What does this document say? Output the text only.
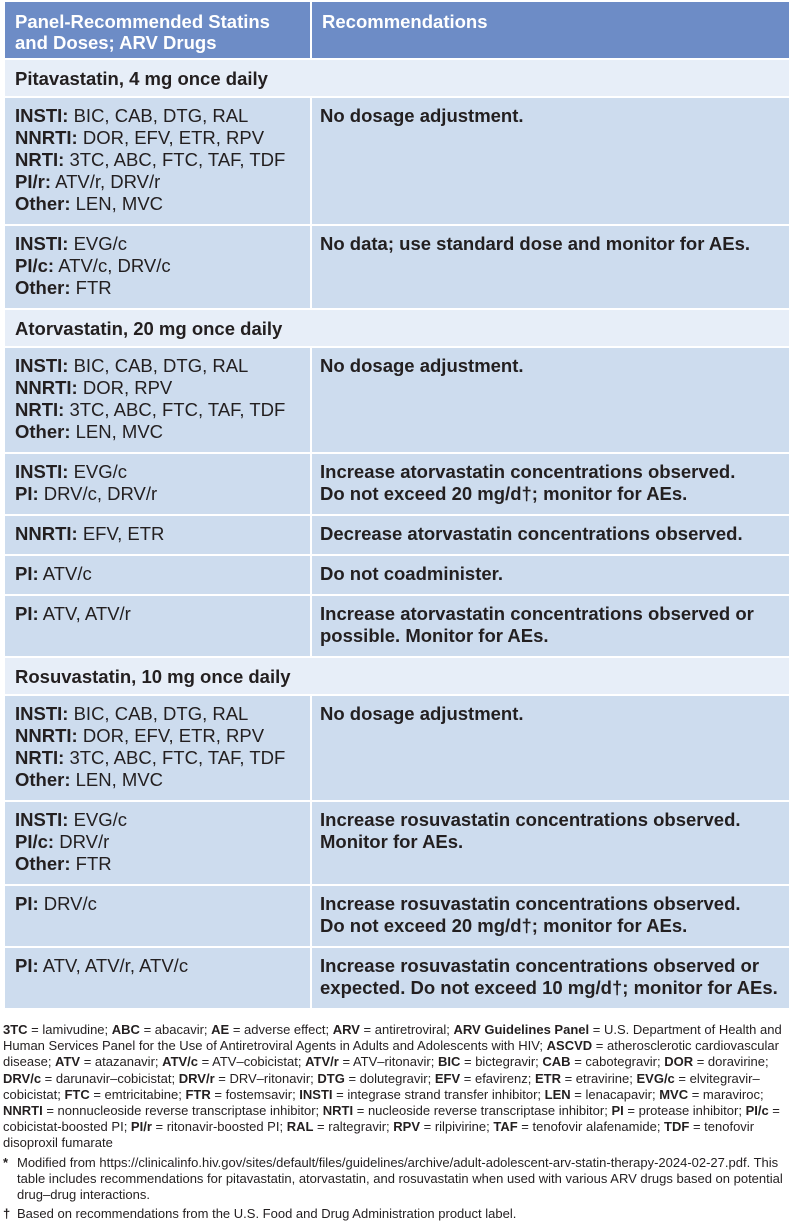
Panel-Recommended Statins and Doses; ARV Drugs	Recommendations
Pitavastatin, 4 mg once daily	

INSTI: BIC, CAB, DTG, RAL
NNRTI: DOR, EFV, ETR, RPV
NRTI: 3TC, ABC, FTC, TAF, TDF
PI/r: ATV/r, DRV/r
Other: LEN, MVC	No dosage adjustment.

INSTI: EVG/c
PI/c: ATV/c, DRV/c
Other: FTR	No data; use standard dose and monitor for AEs.

Atorvastatin, 20 mg once daily	

INSTI: BIC, CAB, DTG, RAL
NNRTI: DOR, RPV
NRTI: 3TC, ABC, FTC, TAF, TDF
Other: LEN, MVC	No dosage adjustment.

INSTI: EVG/c
PI: DRV/c, DRV/r	Increase atorvastatin concentrations observed.
Do not exceed 20 mg/d†; monitor for AEs.

NNRTI: EFV, ETR	Decrease atorvastatin concentrations observed.

PI: ATV/c	Do not coadminister.

PI: ATV, ATV/r	Increase atorvastatin concentrations observed or
possible. Monitor for AEs.

Rosuvastatin, 10 mg once daily	

INSTI: BIC, CAB, DTG, RAL
NNRTI: DOR, EFV, ETR, RPV
NRTI: 3TC, ABC, FTC, TAF, TDF
Other: LEN, MVC	No dosage adjustment.

INSTI: EVG/c
PI/c: DRV/r
Other: FTR	Increase rosuvastatin concentrations observed.
Monitor for AEs.

PI: DRV/c	Increase rosuvastatin concentrations observed.
Do not exceed 20 mg/d†; monitor for AEs.

PI: ATV, ATV/r, ATV/c	Increase rosuvastatin concentrations observed or
expected. Do not exceed 10 mg/d†; monitor for AEs.

3TC = lamivudine; ABC = abacavir; AE = adverse effect; ARV = antiretroviral; ARV Guidelines Panel = U.S. Department of Health and Human Services Panel for the Use of Antiretroviral Agents in Adults and Adolescents with HIV; ASCVD = atherosclerotic cardiovascular disease; ATV = atazanavir; ATV/c = ATV–cobicistat; ATV/r = ATV–ritonavir; BIC = bictegravir; CAB = cabotegravir; DOR = doravirine; DRV/c = darunavir–cobicistat; DRV/r = DRV–ritonavir; DTG = dolutegravir; EFV = efavirenz; ETR = etravirine; EVG/c = elvitegravir–cobicistat; FTC = emtricitabine; FTR = fostemsavir; INSTI = integrase strand transfer inhibitor; LEN = lenacapavir; MVC = maraviroc; NNRTI = nonnucleoside reverse transcriptase inhibitor; NRTI = nucleoside reverse transcriptase inhibitor; PI = protease inhibitor; PI/c = cobicistat-boosted PI; PI/r = ritonavir-boosted PI; RAL = raltegravir; RPV = rilpivirine; TAF = tenofovir alafenamide; TDF = tenofovir disoproxil fumarate

* Modified from https://clinicalinfo.hiv.gov/sites/default/files/guidelines/archive/adult-adolescent-arv-statin-therapy-2024-02-27.pdf. This table includes recommendations for pitavastatin, atorvastatin, and rosuvastatin when used with various ARV drugs based on potential drug–drug interactions.
† Based on recommendations from the U.S. Food and Drug Administration product label.
